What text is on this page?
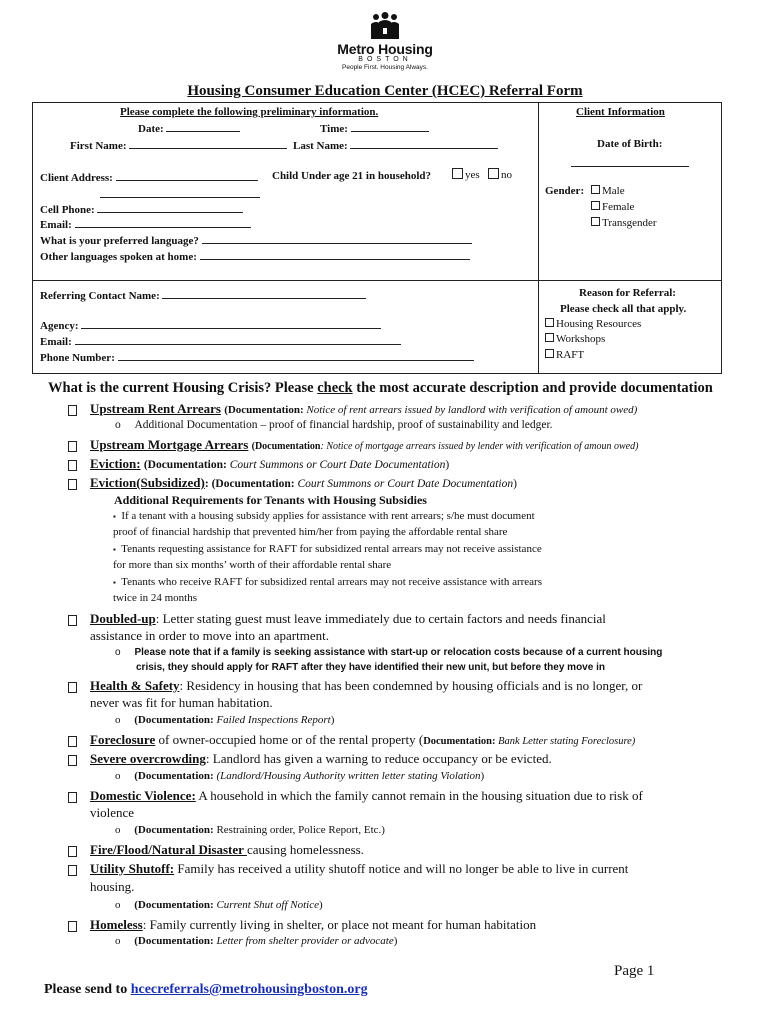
Metro Housing
BOSTON
People First. Housing Always.
Housing Consumer Education Center (HCEC) Referral Form
Please complete the following preliminary information.
Date:	Time:
First Name:	Last Name:
Client Address:	Child Under age 21 in household?	yes	no
Cell Phone:
Email:
What is your preferred language?
Other languages spoken at home:
Client Information
Date of Birth:
Gender:	Male
Female
Transgender
Referring Contact Name:
Agency:
Email:
Phone Number:
Reason for Referral:
Please check all that apply.
Housing Resources
Workshops
RAFT
What is the current Housing Crisis? Please check the most accurate description and provide documentation
Upstream Rent Arrears (Documentation: Notice of rent arrears issued by landlord with verification of amount owed)
o Additional Documentation – proof of financial hardship, proof of sustainability and ledger.
Upstream Mortgage Arrears (Documentation: Notice of mortgage arrears issued by lender with verification of amoun owed)
Eviction: (Documentation: Court Summons or Court Date Documentation)
Eviction(Subsidized): (Documentation: Court Summons or Court Date Documentation)
Additional Requirements for Tenants with Housing Subsidies
▪ If a tenant with a housing subsidy applies for assistance with rent arrears; s/he must document
proof of financial hardship that prevented him/her from paying the affordable rental share
▪ Tenants requesting assistance for RAFT for subsidized rental arrears may not receive assistance
for more than six months’ worth of their affordable rental share
▪ Tenants who receive RAFT for subsidized rental arrears may not receive assistance with arrears
twice in 24 months
Doubled-up: Letter stating guest must leave immediately due to certain factors and needs financial
assistance in order to move into an apartment.
o Please note that if a family is seeking assistance with start-up or relocation costs because of a current housing
crisis, they should apply for RAFT after they have identified their new unit, but before they move in
Health & Safety: Residency in housing that has been condemned by housing officials and is no longer, or
never was fit for human habitation.
o (Documentation: Failed Inspections Report)
Foreclosure of owner-occupied home or of the rental property (Documentation: Bank Letter stating Foreclosure)
Severe overcrowding: Landlord has given a warning to reduce occupancy or be evicted.
o (Documentation: (Landlord/Housing Authority written letter stating Violation)
Domestic Violence: A household in which the family cannot remain in the housing situation due to risk of
violence
o (Documentation: Restraining order, Police Report, Etc.)
Fire/Flood/Natural Disaster causing homelessness.
Utility Shutoff: Family has received a utility shutoff notice and will no longer be able to live in current
housing.
o (Documentation: Current Shut off Notice)
Homeless: Family currently living in shelter, or place not meant for human habitation
o (Documentation: Letter from shelter provider or advocate)
Page 1
Please send to hcecreferrals@metrohousingboston.org
